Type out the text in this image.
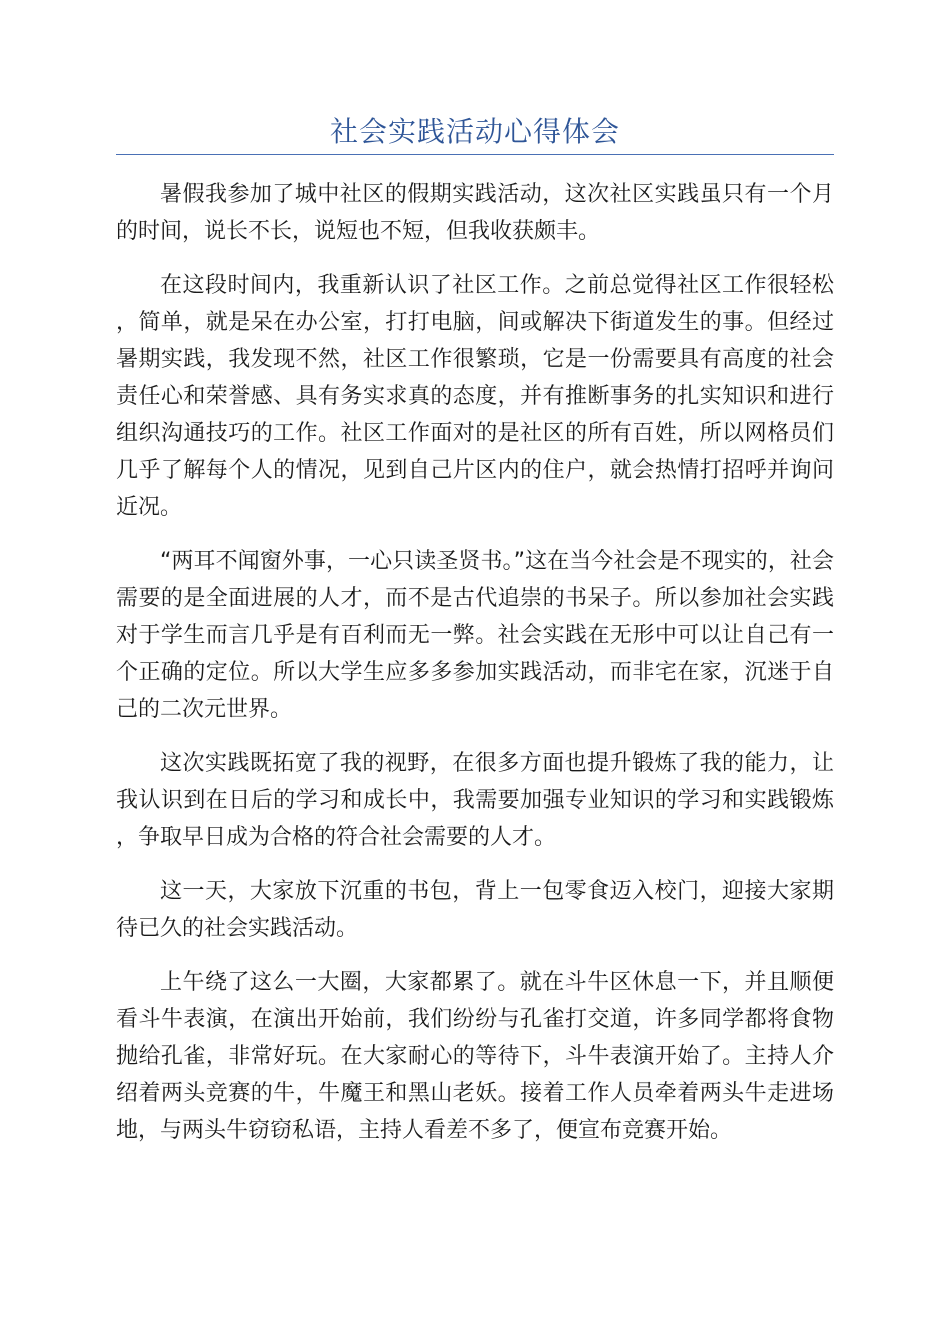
社会实践活动心得体会

暑假我参加了城中社区的假期实践活动，这次社区实践虽只有一个月的时间，说长不长，说短也不短，但我收获颇丰。

在这段时间内，我重新认识了社区工作。之前总觉得社区工作很轻松，简单，就是呆在办公室，打打电脑，间或解决下街道发生的事。但经过暑期实践，我发现不然，社区工作很繁琐，它是一份需要具有高度的社会责任心和荣誉感、具有务实求真的态度，并有推断事务的扎实知识和进行组织沟通技巧的工作。社区工作面对的是社区的所有百姓，所以网格员们几乎了解每个人的情况，见到自己片区内的住户，就会热情打招呼并询问近况。

“两耳不闻窗外事，一心只读圣贤书。”这在当今社会是不现实的，社会需要的是全面进展的人才，而不是古代追崇的书呆子。所以参加社会实践对于学生而言几乎是有百利而无一弊。社会实践在无形中可以让自己有一个正确的定位。所以大学生应多多参加实践活动，而非宅在家，沉迷于自己的二次元世界。

这次实践既拓宽了我的视野，在很多方面也提升锻炼了我的能力，让我认识到在日后的学习和成长中，我需要加强专业知识的学习和实践锻炼，争取早日成为合格的符合社会需要的人才。

这一天，大家放下沉重的书包，背上一包零食迈入校门，迎接大家期待已久的社会实践活动。

上午绕了这么一大圈，大家都累了。就在斗牛区休息一下，并且顺便看斗牛表演，在演出开始前，我们纷纷与孔雀打交道，许多同学都将食物抛给孔雀，非常好玩。在大家耐心的等待下，斗牛表演开始了。主持人介绍着两头竞赛的牛，牛魔王和黑山老妖。接着工作人员牵着两头牛走进场地，与两头牛窃窃私语，主持人看差不多了，便宣布竞赛开始。
